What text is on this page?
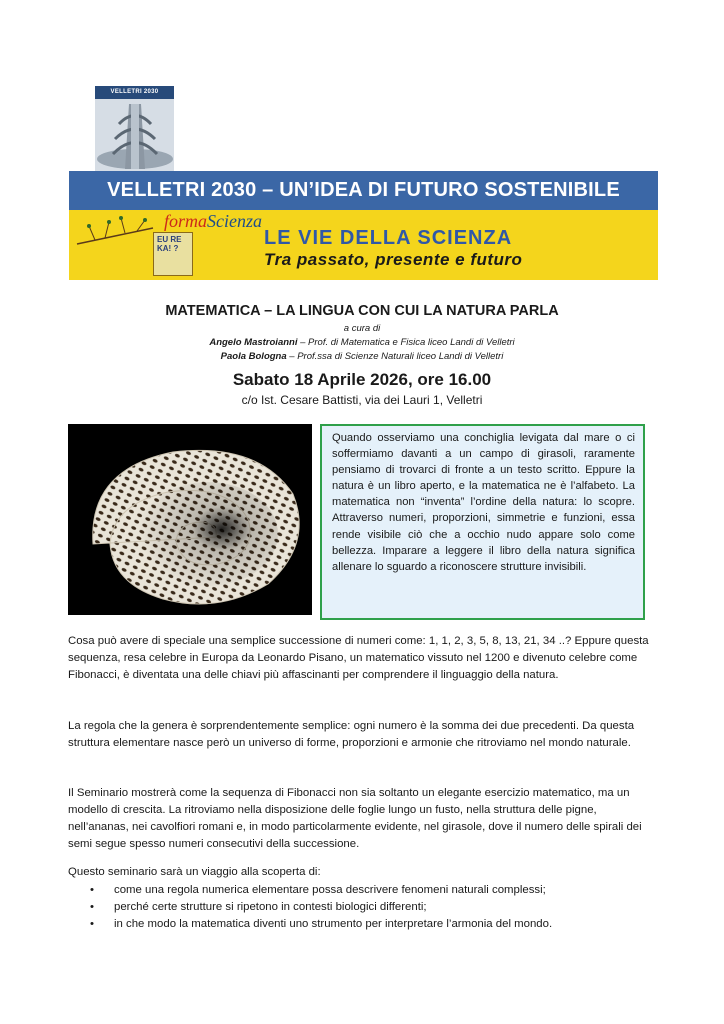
VELLETRI 2030
VELLETRI 2030 – UN’IDEA DI FUTURO SOSTENIBILE
formaScienza
EU RE KA! ?	LE VIE DELLA SCIENZA
Tra passato, presente e futuro
MATEMATICA – LA LINGUA CON CUI LA NATURA PARLA
a cura di
Angelo Mastroianni – Prof. di Matematica e Fisica liceo Landi di Velletri
Paola Bologna – Prof.ssa di Scienze Naturali liceo Landi di Velletri
Sabato 18 Aprile 2026, ore 16.00
c/o Ist. Cesare Battisti, via dei Lauri 1, Velletri
Quando osserviamo una conchiglia levigata dal mare o ci soffermiamo davanti a un campo di girasoli, raramente pensiamo di trovarci di fronte a un testo scritto. Eppure la natura è un libro aperto, e la matematica ne è l’alfabeto. La matematica non “inventa” l’ordine della natura: lo scopre. Attraverso numeri, proporzioni, simmetrie e funzioni, essa rende visibile ciò che a occhio nudo appare solo come bellezza. Imparare a leggere il libro della natura significa allenare lo sguardo a riconoscere strutture invisibili.

Cosa può avere di speciale una semplice successione di numeri come: 1, 1, 2, 3, 5, 8, 13, 21, 34 ..? Eppure questa sequenza, resa celebre in Europa da Leonardo Pisano, un matematico vissuto nel 1200 e divenuto celebre come Fibonacci, è diventata una delle chiavi più affascinanti per comprendere il linguaggio della natura.

La regola che la genera è sorprendentemente semplice: ogni numero è la somma dei due precedenti. Da questa struttura elementare nasce però un universo di forme, proporzioni e armonie che ritroviamo nel mondo naturale.

Il Seminario mostrerà come la sequenza di Fibonacci non sia soltanto un elegante esercizio matematico, ma un modello di crescita. La ritroviamo nella disposizione delle foglie lungo un fusto, nella struttura delle pigne, nell’ananas, nei cavolfiori romani e, in modo particolarmente evidente, nel girasole, dove il numero delle spirali dei semi segue spesso numeri consecutivi della successione.

Questo seminario sarà un viaggio alla scoperta di:

• come una regola numerica elementare possa descrivere fenomeni naturali complessi;
• perché certe strutture si ripetono in contesti biologici differenti;
• in che modo la matematica diventi uno strumento per interpretare l’armonia del mondo.
